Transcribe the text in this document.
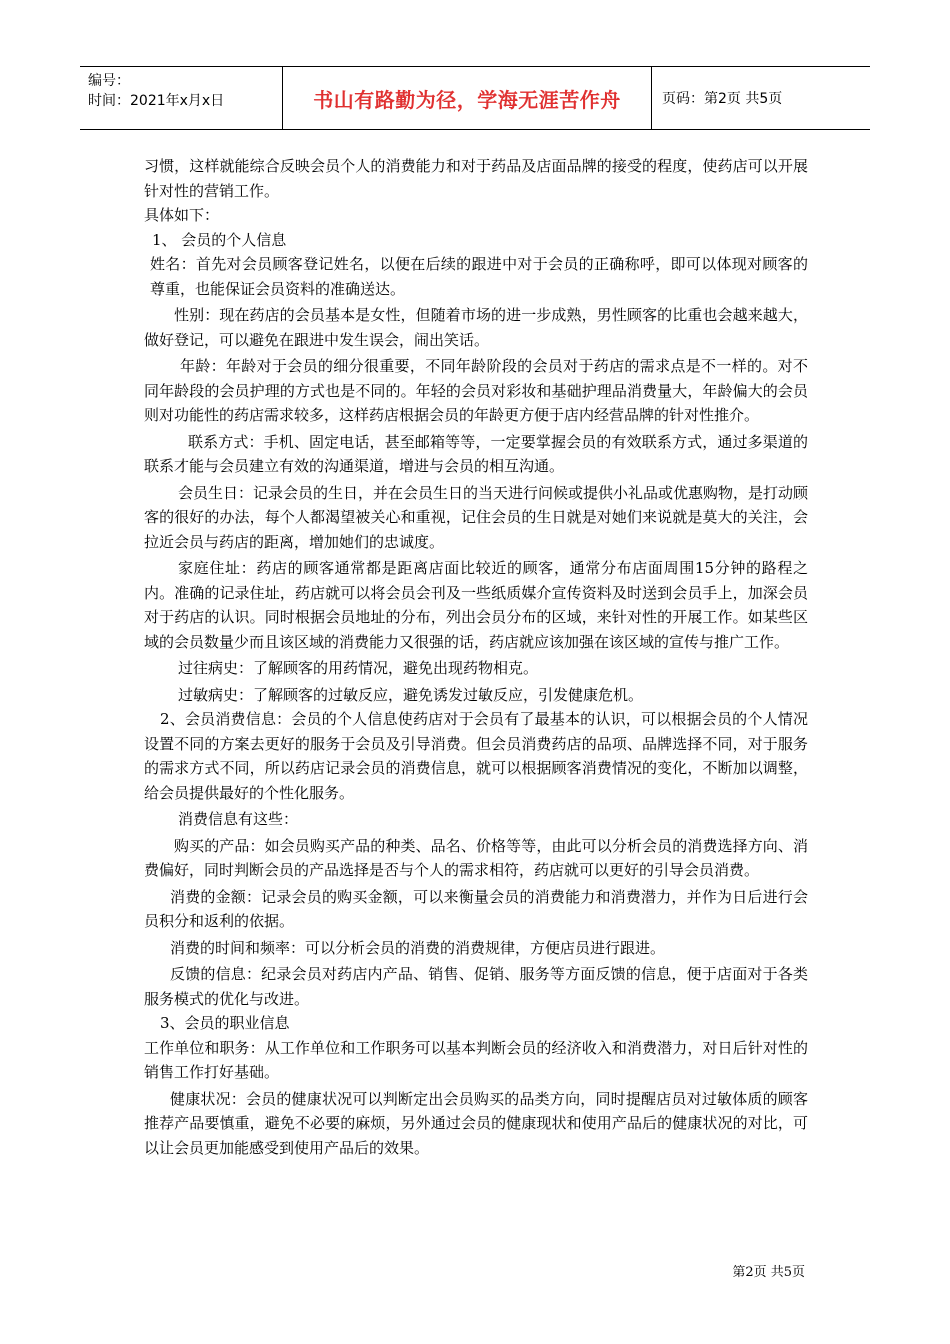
编号：
时间：2021年x月x日	书山有路勤为径，学海无涯苦作舟	页码：第2页 共5页

习惯，这样就能综合反映会员个人的消费能力和对于药品及店面品牌的接受的程度，使药店可以开展针对性的营销工作。

具体如下：

1、 会员的个人信息

姓名：首先对会员顾客登记姓名，以便在后续的跟进中对于会员的正确称呼，即可以体现对顾客的尊重，也能保证会员资料的准确送达。

性别：现在药店的会员基本是女性，但随着市场的进一步成熟，男性顾客的比重也会越来越大，做好登记，可以避免在跟进中发生误会，闹出笑话。

年龄：年龄对于会员的细分很重要，不同年龄阶段的会员对于药店的需求点是不一样的。对不同年龄段的会员护理的方式也是不同的。年轻的会员对彩妆和基础护理品消费量大，年龄偏大的会员则对功能性的药店需求较多，这样药店根据会员的年龄更方便于店内经营品牌的针对性推介。

联系方式：手机、固定电话，甚至邮箱等等，一定要掌握会员的有效联系方式，通过多渠道的联系才能与会员建立有效的沟通渠道，增进与会员的相互沟通。

会员生日：记录会员的生日，并在会员生日的当天进行问候或提供小礼品或优惠购物，是打动顾客的很好的办法，每个人都渴望被关心和重视，记住会员的生日就是对她们来说就是莫大的关注，会拉近会员与药店的距离，增加她们的忠诚度。

家庭住址：药店的顾客通常都是距离店面比较近的顾客，通常分布店面周围15分钟的路程之内。准确的记录住址，药店就可以将会员会刊及一些纸质媒介宣传资料及时送到会员手上，加深会员对于药店的认识。同时根据会员地址的分布，列出会员分布的区域，来针对性的开展工作。如某些区域的会员数量少而且该区域的消费能力又很强的话，药店就应该加强在该区域的宣传与推广工作。

过往病史：了解顾客的用药情况，避免出现药物相克。

过敏病史：了解顾客的过敏反应，避免诱发过敏反应，引发健康危机。

2、会员消费信息：会员的个人信息使药店对于会员有了最基本的认识，可以根据会员的个人情况设置不同的方案去更好的服务于会员及引导消费。但会员消费药店的品项、品牌选择不同，对于服务的需求方式不同，所以药店记录会员的消费信息，就可以根据顾客消费情况的变化，不断加以调整，给会员提供最好的个性化服务。

消费信息有这些：

购买的产品：如会员购买产品的种类、品名、价格等等，由此可以分析会员的消费选择方向、消费偏好，同时判断会员的产品选择是否与个人的需求相符，药店就可以更好的引导会员消费。

消费的金额：记录会员的购买金额，可以来衡量会员的消费能力和消费潜力，并作为日后进行会员积分和返利的依据。

消费的时间和频率：可以分析会员的消费的消费规律，方便店员进行跟进。

反馈的信息：纪录会员对药店内产品、销售、促销、服务等方面反馈的信息，便于店面对于各类服务模式的优化与改进。

3、会员的职业信息

工作单位和职务：从工作单位和工作职务可以基本判断会员的经济收入和消费潜力，对日后针对性的销售工作打好基础。

健康状况：会员的健康状况可以判断定出会员购买的品类方向，同时提醒店员对过敏体质的顾客推荐产品要慎重，避免不必要的麻烦，另外通过会员的健康现状和使用产品后的健康状况的对比，可以让会员更加能感受到使用产品后的效果。

第2页 共5页
